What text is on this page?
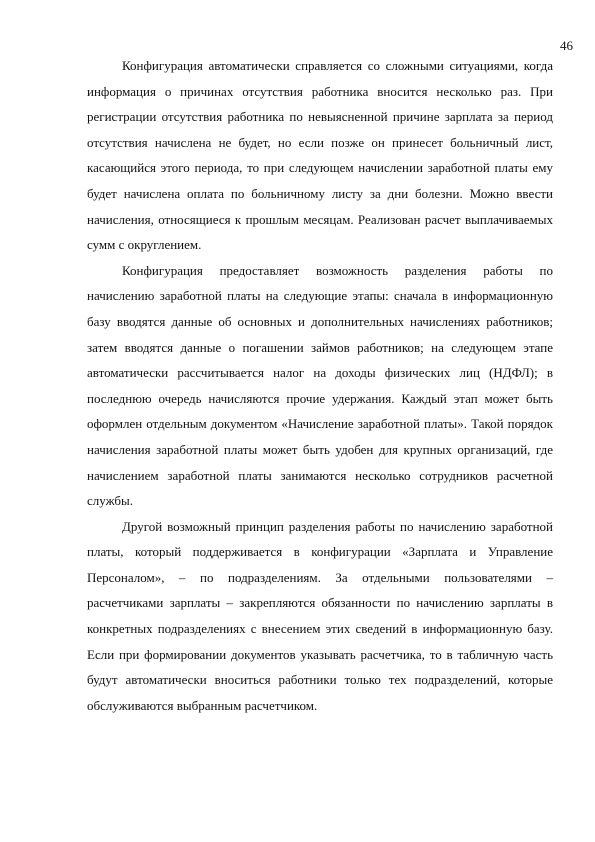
46

Конфигурация автоматически справляется со сложными ситуациями, когда информация о причинах отсутствия работника вносится несколько раз. При регистрации отсутствия работника по невыясненной причине зарплата за период отсутствия начислена не будет, но если позже он принесет больничный лист, касающийся этого периода, то при следующем начислении заработной платы ему будет начислена оплата по больничному листу за дни болезни. Можно ввести начисления, относящиеся к прошлым месяцам. Реализован расчет выплачиваемых сумм с округлением.

Конфигурация предоставляет возможность разделения работы по начислению заработной платы на следующие этапы: сначала в информационную базу вводятся данные об основных и дополнительных начислениях работников; затем вводятся данные о погашении займов работников; на следующем этапе автоматически рассчитывается налог на доходы физических лиц (НДФЛ); в последнюю очередь начисляются прочие удержания. Каждый этап может быть оформлен отдельным документом «Начисление заработной платы». Такой порядок начисления заработной платы может быть удобен для крупных организаций, где начислением заработной платы занимаются несколько сотрудников расчетной службы.

Другой возможный принцип разделения работы по начислению заработной платы, который поддерживается в конфигурации «Зарплата и Управление Персоналом», – по подразделениям. За отдельными пользователями – расчетчиками зарплаты – закрепляются обязанности по начислению зарплаты в конкретных подразделениях с внесением этих сведений в информационную базу. Если при формировании документов указывать расчетчика, то в табличную часть будут автоматически вноситься работники только тех подразделений, которые обслуживаются выбранным расчетчиком.
